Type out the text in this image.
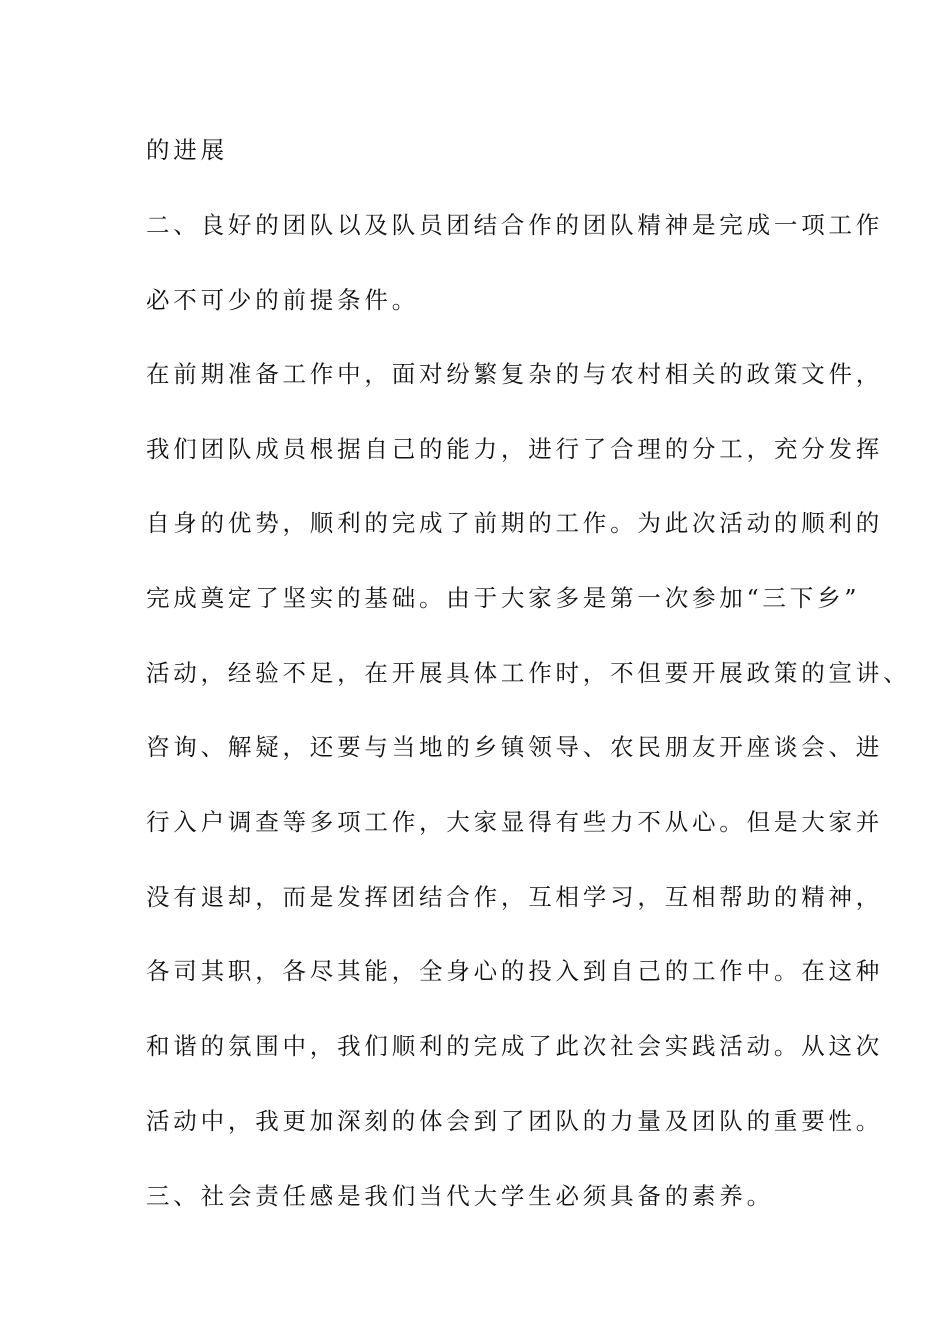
的进展
二、良好的团队以及队员团结合作的团队精神是完成一项工作
必不可少的前提条件。
在前期准备工作中，面对纷繁复杂的与农村相关的政策文件，
我们团队成员根据自己的能力，进行了合理的分工，充分发挥
自身的优势，顺利的完成了前期的工作。为此次活动的顺利的
完成奠定了坚实的基础。由于大家多是第一次参加“三下乡”
活动，经验不足，在开展具体工作时，不但要开展政策的宣讲、
咨询、解疑，还要与当地的乡镇领导、农民朋友开座谈会、进
行入户调查等多项工作，大家显得有些力不从心。但是大家并
没有退却，而是发挥团结合作，互相学习，互相帮助的精神，
各司其职，各尽其能，全身心的投入到自己的工作中。在这种
和谐的氛围中，我们顺利的完成了此次社会实践活动。从这次
活动中，我更加深刻的体会到了团队的力量及团队的重要性。
三、社会责任感是我们当代大学生必须具备的素养。
